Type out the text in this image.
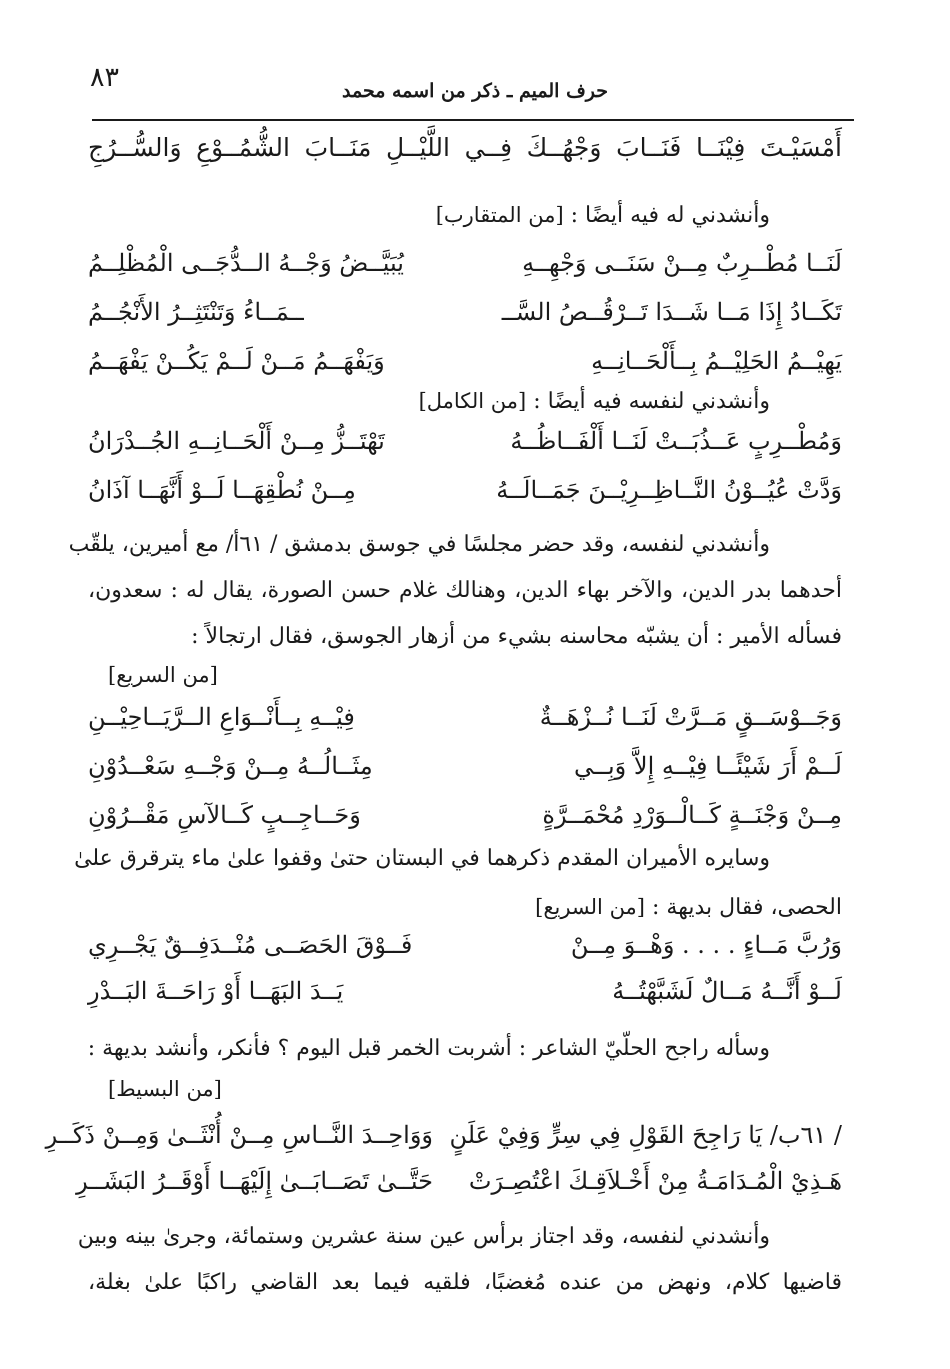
٨٣	حرف الميم ـ ذكر من اسمه محمد
أَمْسَيْـتَ فِيْنَــا فَنَــابَ وَجْهُــكَ فِــي اللَّيْــلِ مَنَــابَ الشُّمُــوْعِ وَالسُّــرُجِ
وأنشدني له فيه أيضًا : [من المتقارب]
لَنَــا مُطْــرِبٌ مِــنْ سَنَــى وَجْهِــهِ
يُبَيَّــضُ وَجْــهُ الــدُّجَــى الْمُظْلِــمُ
تَكَــادُ إِذَا مَــا شَــدَا تَــرْقُــصُ السَّــ
ــمَــاءُ وَتَنْتَثِــرُ الأَنْجُــمُ
يَهِيْــمُ الحَلِيْــمُ بِــأَلْحَــانِــهِ
وَيَفْهَــمُ مَــنْ لَــمْ يَكُــنْ يَفْهَــمُ
وأنشدني لنفسه فيه أيضًا : [من الكامل]
وَمُطْــرِبٍ عَــذُبَــتْ لَنَــا أَلْفَــاظُــهُ
تَهْتَــزُّ مِــنْ أَلْحَــانِــهِ الجُــدْرَانُ
وَدَّتْ عُيُــوْنُ النَّــاظِــرِيْــنَ جَمَــالَــهُ
مِــنْ نُطْقِهَــا لَــوْ أَنَّهَــا آذَانُ
وأنشدني لنفسه، وقد حضر مجلسًا في جوسق بدمشق / ٦١أ/ مع أميرين، يلقّب
أحدهما بدر الدين، والآخر بهاء الدين، وهنالك غلام حسن الصورة، يقال له : سعدون،
فسأله الأمير : أن يشبّه محاسنه بشيء من أزهار الجوسق، فقال ارتجالاً :
[من السريع]
وَجَــوْسَــقٍ مَــرَّتْ لَنَــا نُــزْهَــةٌ
فِيْــهِ بِــأَنْــوَاعِ الــرَّيَــاحِيْــنِ
لَــمْ أَرَ شَيْئًــا فِيْــهِ إِلاَّ وَبِــي
مِثَــالُــهُ مِــنْ وَجْــهِ سَعْــدُوْنِ
مِــنْ وَجْنَــةٍ كَــالْــوَرْدِ مُحْمَــرَّةٍ
وَحَــاجِــبٍ كَــالآسِ مَقْــرُوْنِ
وسايره الأميران المقدم ذكرهما في البستان حتىٰ وقفوا علىٰ ماء يترقرق علىٰ
الحصى، فقال بديهة : [من السريع]
وَرُبَّ مَــاءٍ . . . . وَهْــوَ مِــنْ
فَــوْقَ الحَصَــى مُنْــدَفِــقٌ يَجْــرِي
لَــوْ أَنَّــهُ مَــالٌ لَشَبَّهْتُــهُ
يَــدَ البَهَــا أَوْ رَاحَــةَ البَــدْرِ
وسأله راجح الحلّيّ الشاعر : أشربت الخمر قبل اليوم ؟ فأنكر، وأنشد بديهة :
[من البسيط]
/ ٦١ب/ يَا رَاجِحَ القَوْلِ فِي سِرٍّ وَفِيْ عَلَنٍ
وَوَاحِــدَ النَّــاسِ مِــنْ أُنْثَــىٰ وَمِــنْ ذَكَــرِ
هَـذِيْ الْمُـدَامَـةُ مِنْ أَخْـلاَقِـكَ اعْتُصِـرَتْ
حَتَّــىٰ تَصَــابَــىٰ إِلَيْهَــا أَوْقَــرُ البَشَــرِ
وأنشدني لنفسه، وقد اجتاز برأس عين سنة عشرين وستمائة، وجرىٰ بينه وبين
قاضيها كلام، ونهض من عنده مُغضبًا، فلقيه فيما بعد القاضي راكبًا علىٰ بغلة،
